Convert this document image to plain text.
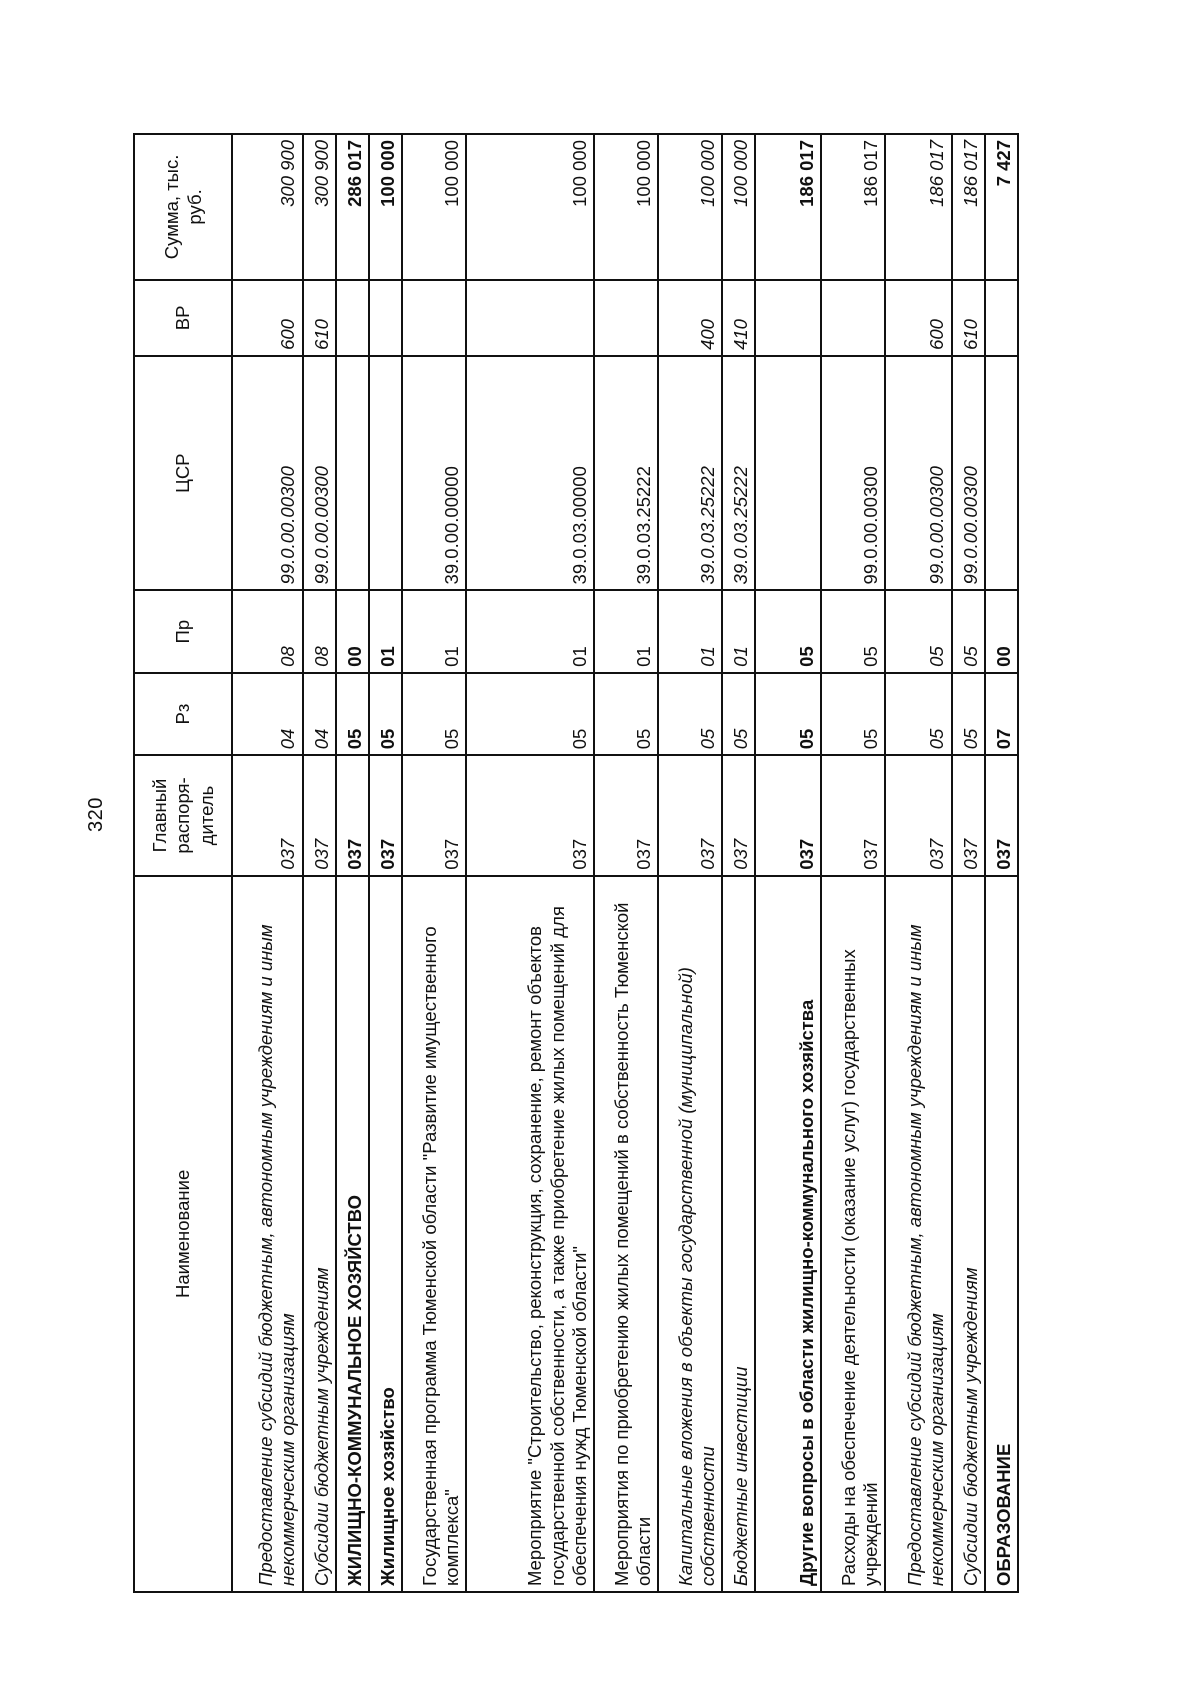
320
Наименование	Главный распоря-дитель	Рз	Пр	ЦСР	ВР	Сумма, тыс. руб.
Предоставление субсидий бюджетным, автономным учреждениям и иным некоммерческим организациям	037	04	08	99.0.00.00300	600	300 900
Субсидии бюджетным учреждениям	037	04	08	99.0.00.00300	610	300 900
ЖИЛИЩНО-КОММУНАЛЬНОЕ ХОЗЯЙСТВО	037	05	00			286 017
Жилищное хозяйство	037	05	01			100 000
Государственная программа Тюменской области "Развитие имущественного комплекса"	037	05	01	39.0.00.00000		100 000
Мероприятие "Строительство, реконструкция, сохранение, ремонт объектов государственной собственности, а также приобретение жилых помещений для обеспечения нужд Тюменской области"	037	05	01	39.0.03.00000		100 000
Мероприятия по приобретению жилых помещений в собственность Тюменской области	037	05	01	39.0.03.25222		100 000
Капитальные вложения в объекты государственной (муниципальной) собственности	037	05	01	39.0.03.25222	400	100 000
Бюджетные инвестиции	037	05	01	39.0.03.25222	410	100 000
Другие вопросы в области жилищно-коммунального хозяйства	037	05	05			186 017
Расходы на обеспечение деятельности (оказание услуг) государственных учреждений	037	05	05	99.0.00.00300		186 017
Предоставление субсидий бюджетным, автономным учреждениям и иным некоммерческим организациям	037	05	05	99.0.00.00300	600	186 017
Субсидии бюджетным учреждениям	037	05	05	99.0.00.00300	610	186 017
ОБРАЗОВАНИЕ	037	07	00			7 427
